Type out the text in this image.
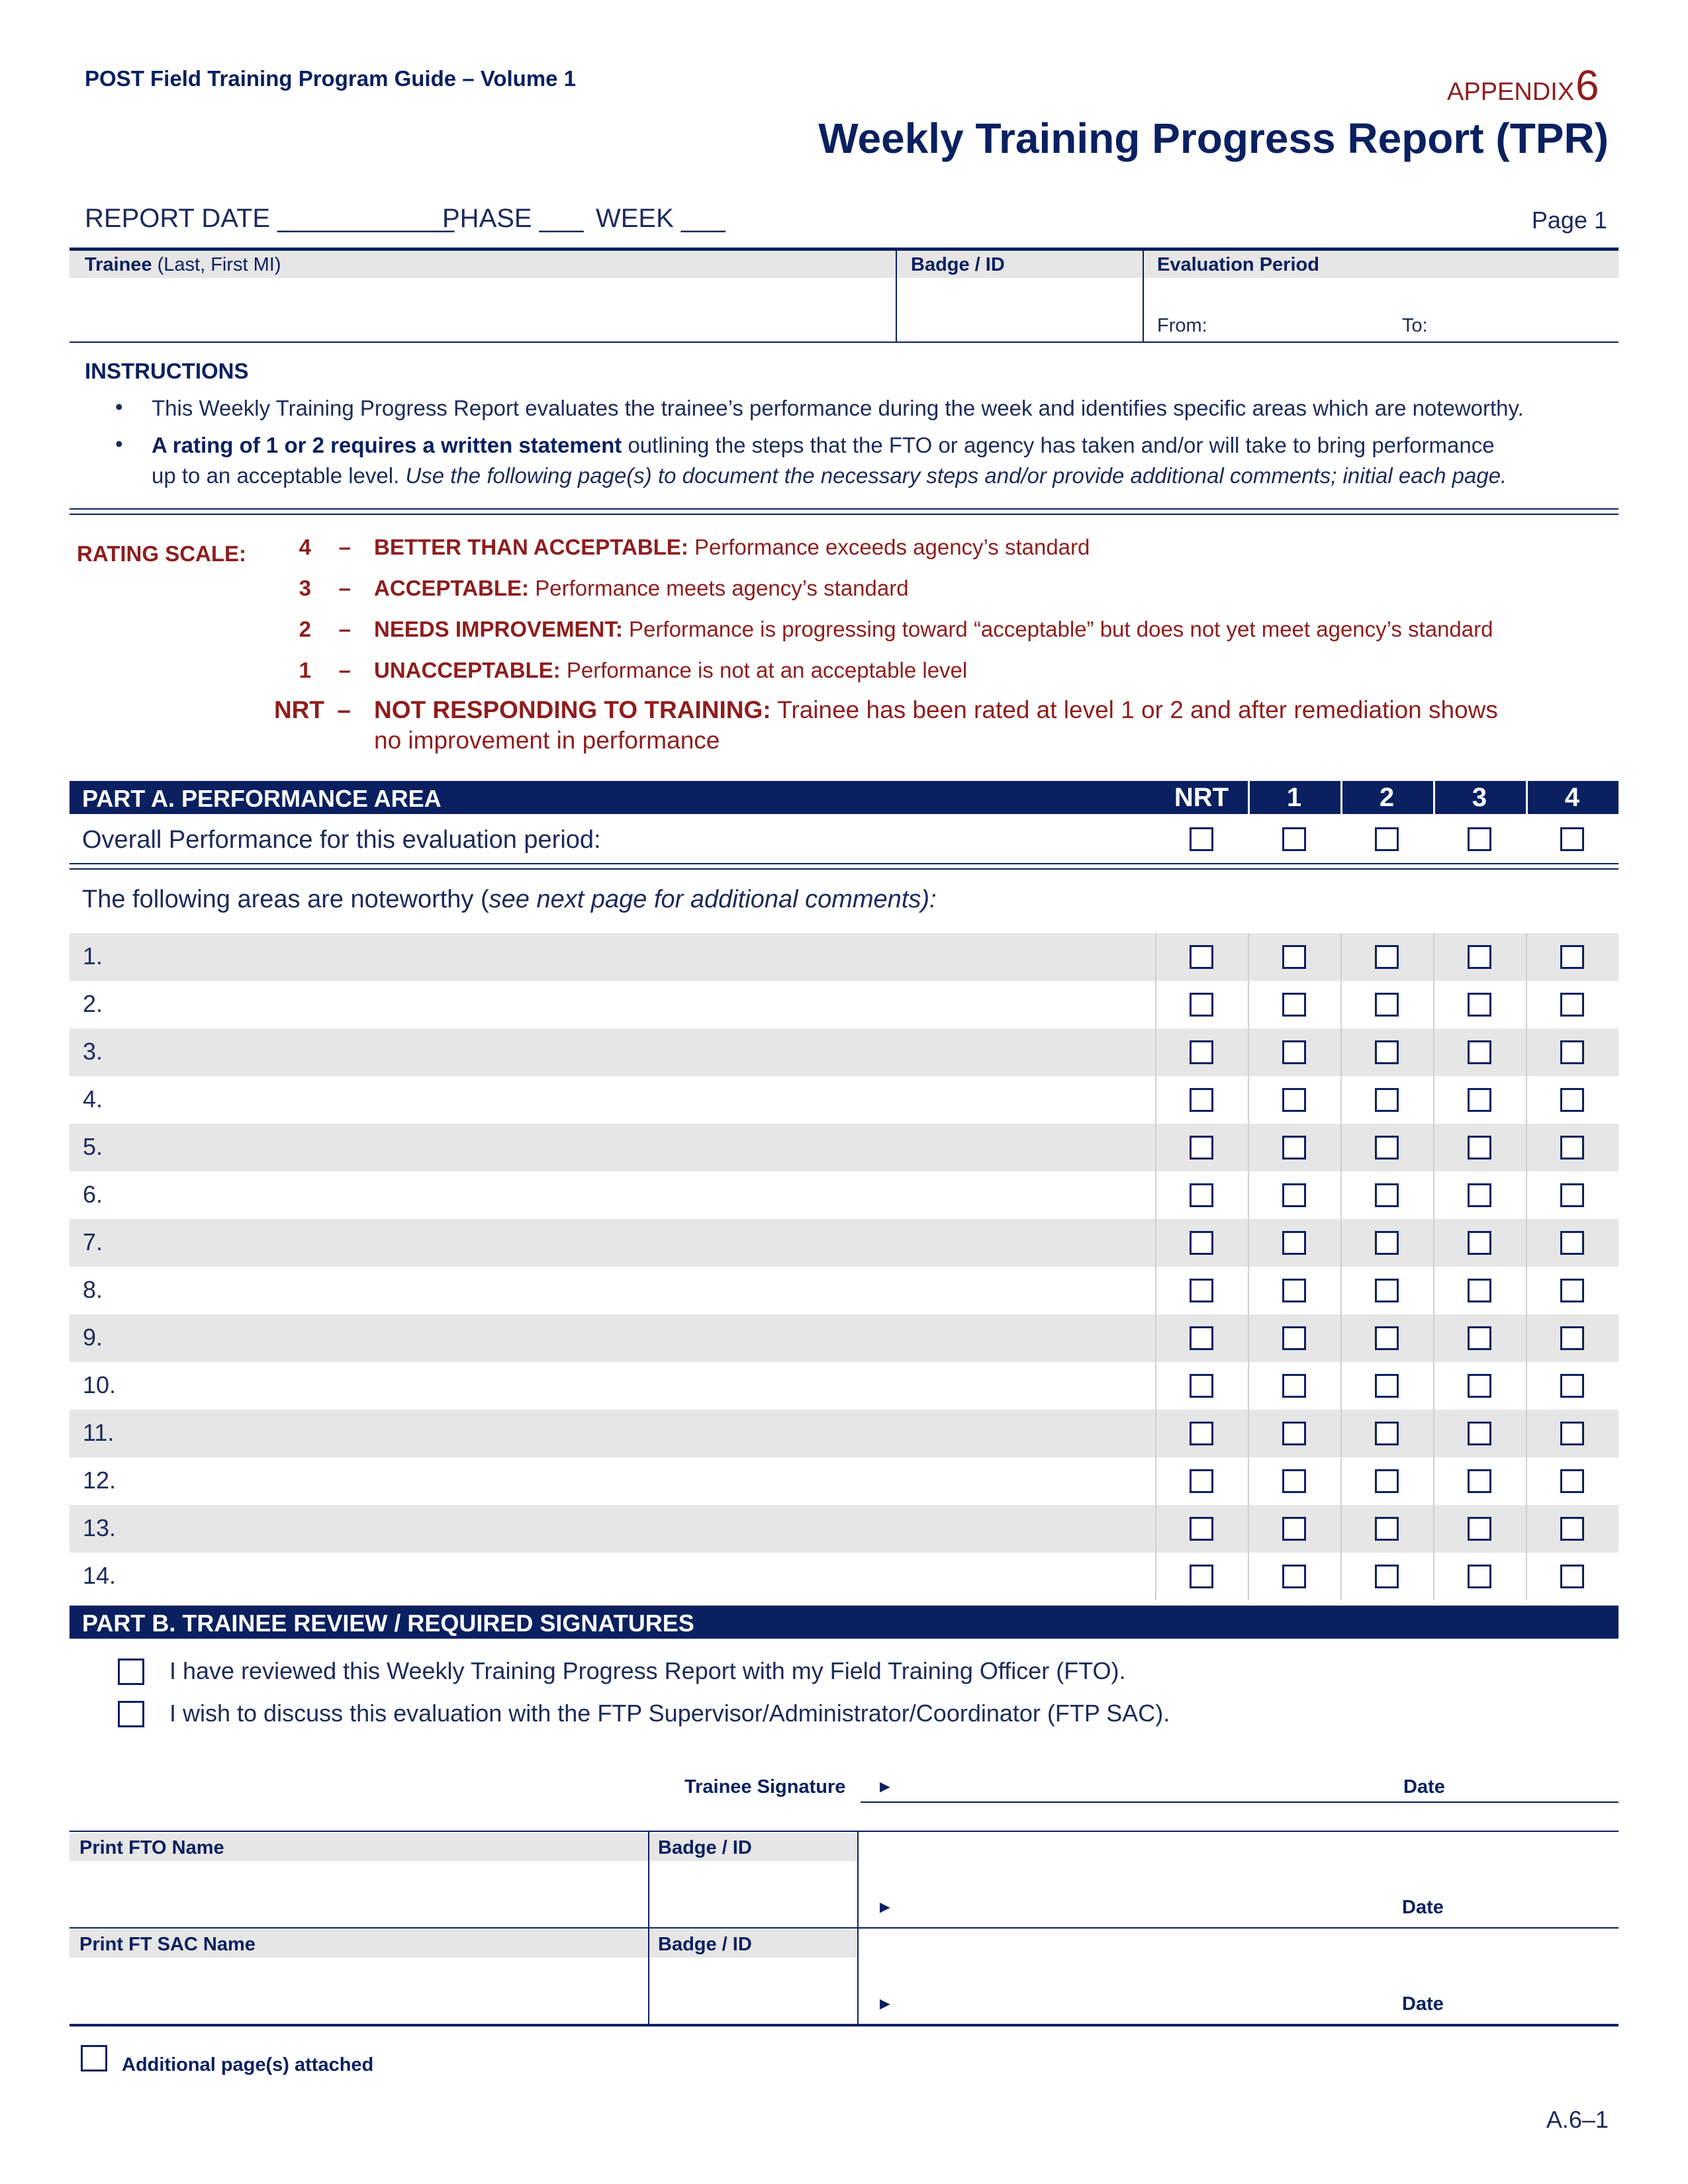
POST Field Training Program Guide – Volume 1	APPENDIX 6
Weekly Training Progress Report (TPR)
REPORT DATE ____________
PHASE ___ WEEK ___	Page 1
Trainee (Last, First MI)	Badge / ID	Evaluation Period
From:	To:
INSTRUCTIONS
• This Weekly Training Progress Report evaluates the trainee’s performance during the week and identifies specific areas which are noteworthy.
• A rating of 1 or 2 requires a written statement outlining the steps that the FTO or agency has taken and/or will take to bring performance
up to an acceptable level. Use the following page(s) to document the necessary steps and/or provide additional comments; initial each page.
RATING SCALE:	4	– BETTER THAN ACCEPTABLE: Performance exceeds agency’s standard
3	– ACCEPTABLE: Performance meets agency’s standard
2	– NEEDS IMPROVEMENT: Performance is progressing toward “acceptable” but does not yet meet agency’s standard
1	– UNACCEPTABLE: Performance is not at an acceptable level
NRT – NOT RESPONDING TO TRAINING: Trainee has been rated at level 1 or 2 and after remediation shows
no improvement in performance
PART A. PERFORMANCE AREA	NRT	1	2	3	4
Overall Performance for this evaluation period:
The following areas are noteworthy (see next page for additional comments):
1.
2.
3.
4.
5.
6.
7.
8.
9.
10.
11.
12.
13.
14.
PART B. TRAINEE REVIEW / REQUIRED SIGNATURES
I have reviewed this Weekly Training Progress Report with my Field Training Officer (FTO).
I wish to discuss this evaluation with the FTP Supervisor/Administrator/Coordinator (FTP SAC).
Trainee Signature ►	Date
Print FTO Name	Badge / ID
►	Date
Print FT SAC Name	Badge / ID
►	Date
Additional page(s) attached
A.6–1
